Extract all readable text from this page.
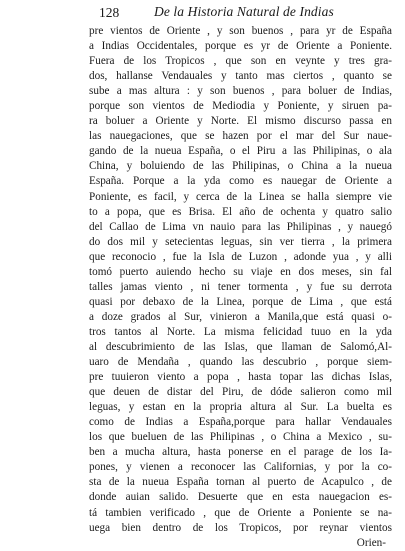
128	De la Historia Natural de Indias
pre vientos de Oriente , y son buenos , para yr de España
a Indias Occidentales, porque es yr de Oriente a Poniente.
Fuera de los Tropicos , que son en veynte y tres gra-
dos, hallanse Vendauales y tanto mas ciertos , quanto se
sube a mas altura : y son buenos , para boluer de Indias,
porque son vientos de Mediodia y Poniente, y siruen pa-
ra boluer a Oriente y Norte. El mismo discurso passa en
las nauegaciones, que se hazen por el mar del Sur naue-
gando de la nueua España, o el Piru a las Philipinas, o ala
China, y boluiendo de las Philipinas, o China a la nueua
España. Porque a la yda como es nauegar de Oriente a
Poniente, es facil, y cerca de la Linea se halla siempre vie
to a popa, que es Brisa. El año de ochenta y quatro salio
del Callao de Lima vn nauio para las Philipinas , y nauegó
do dos mil y setecientas leguas, sin ver tierra , la primera
que reconocio , fue la Isla de Luzon , adonde yua , y alli
tomó puerto auiendo hecho su viaje en dos meses, sin fal
talles jamas viento , ni tener tormenta , y fue su derrota
quasi por debaxo de la Linea, porque de Lima , que está
a doze grados al Sur, vinieron a Manila,que está quasi o-
tros tantos al Norte. La misma felicidad tuuo en la yda
al descubrimiento de las Islas, que llaman de Salomó,Al-
uaro de Mendaña , quando las descubrio , porque siem-
pre tuuieron viento a popa , hasta topar las dichas Islas,
que deuen de distar del Piru, de dóde salieron como mil
leguas, y estan en la propria altura al Sur. La buelta es
como de Indias a España,porque para hallar Vendauales
los que bueluen de las Philipinas , o China a Mexico , su-
ben a mucha altura, hasta ponerse en el parage de los Ia-
pones, y vienen a reconocer las Californias, y por la co-
sta de la nueua España tornan al puerto de Acapulco , de
donde auian salido. Desuerte que en esta nauegacion es-
tá tambien verificado , que de Oriente a Poniente se na-
uega bien dentro de los Tropicos, por reynar vientos
Orien-
